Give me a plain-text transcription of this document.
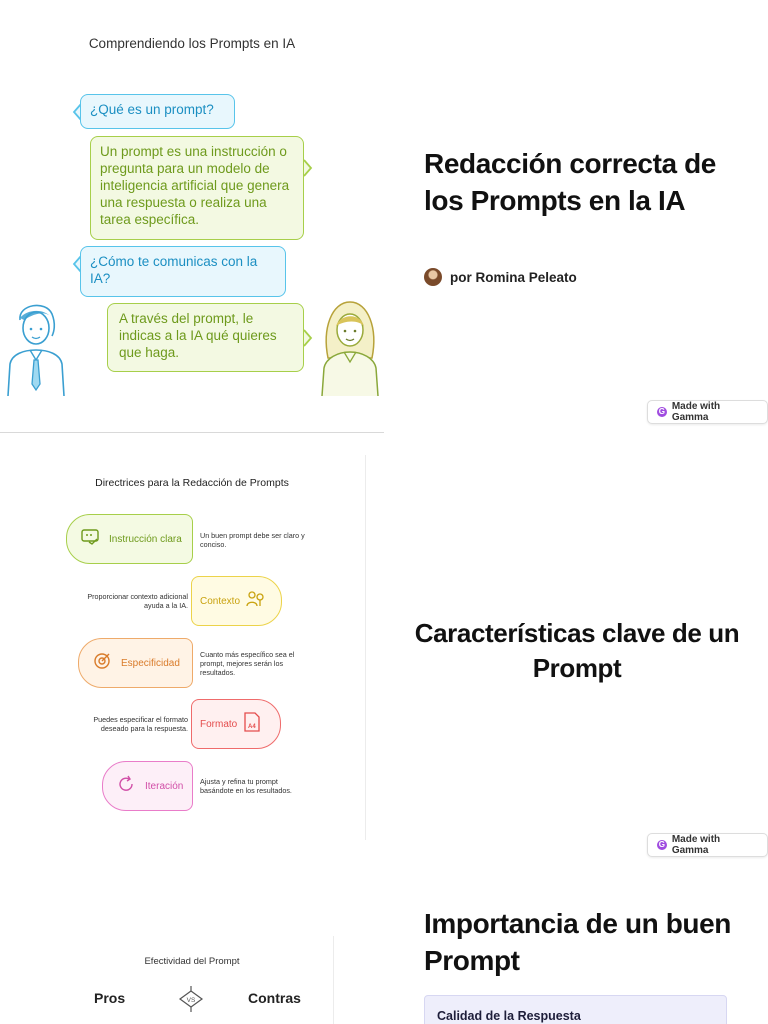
Comprendiendo los Prompts en IA
¿Qué es un prompt?
Un prompt es una instrucción o pregunta para un modelo de inteligencia artificial que genera una respuesta o realiza una tarea específica.
¿Cómo te comunicas con la IA?
A través del prompt, le indicas a la IA qué quieres que haga.
Redacción correcta de los Prompts en la IA
por Romina Peleato
G Made with Gamma
Directrices para la Redacción de Prompts
Instrucción clara	Un buen prompt debe ser claro y conciso.
Proporcionar contexto adicional ayuda a la IA. Contexto
Especificidad
Cuanto más específico sea el prompt, mejores serán los resultados.
Puedes especificar el formato deseado para la respuesta. Formato A4
Iteración Ajusta y refina tu prompt basándote en los resultados.
Características clave de un Prompt
G Made with Gamma
Efectividad del Prompt
Pros	VS	Contras
Importancia de un buen Prompt
Calidad de la Respuesta
